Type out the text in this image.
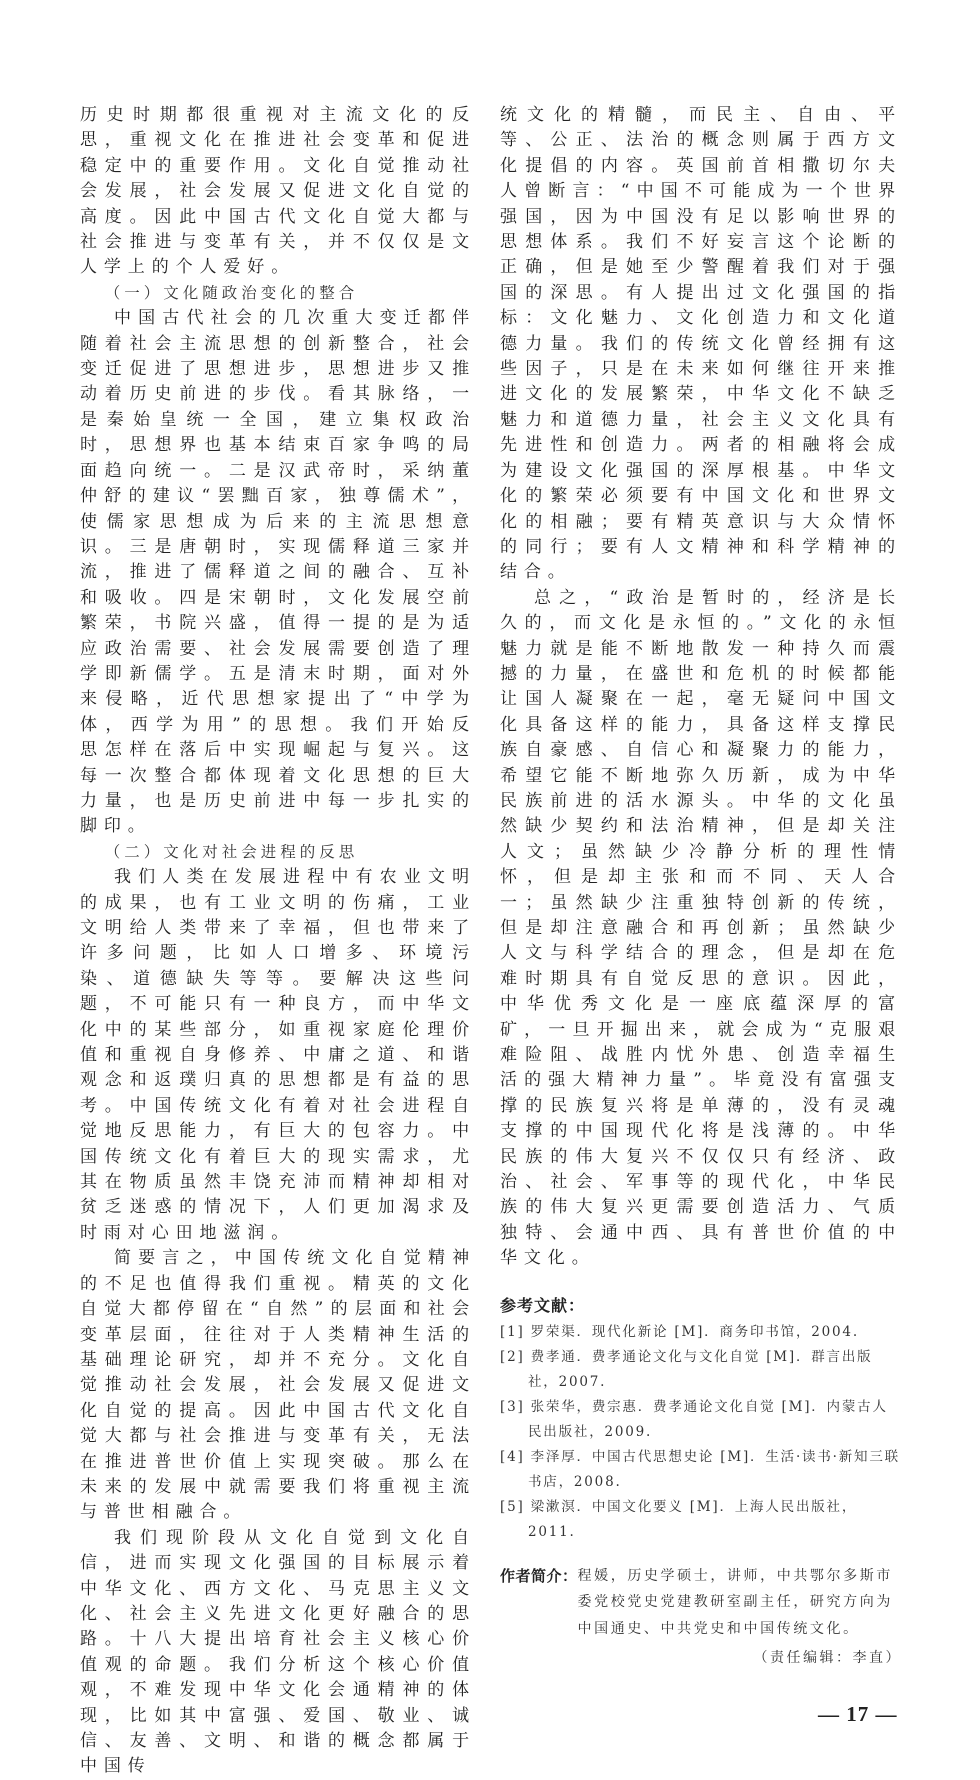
历史时期都很重视对主流文化的反思，重视文化在推进社会变革和促进稳定中的重要作用。文化自觉推动社会发展，社会发展又促进文化自觉的高度。因此中国古代文化自觉大都与社会推进与变革有关，并不仅仅是文人学上的个人爱好。

（一）文化随政治变化的整合

中国古代社会的几次重大变迁都伴随着社会主流思想的创新整合，社会变迁促进了思想进步，思想进步又推动着历史前进的步伐。看其脉络，一是秦始皇统一全国，建立集权政治时，思想界也基本结束百家争鸣的局面趋向统一。二是汉武帝时，采纳董仲舒的建议“罢黜百家，独尊儒术”，使儒家思想成为后来的主流思想意识。三是唐朝时，实现儒释道三家并流，推进了儒释道之间的融合、互补和吸收。四是宋朝时，文化发展空前繁荣，书院兴盛，值得一提的是为适应政治需要、社会发展需要创造了理学即新儒学。五是清末时期，面对外来侵略，近代思想家提出了“中学为体，西学为用”的思想。我们开始反思怎样在落后中实现崛起与复兴。这每一次整合都体现着文化思想的巨大力量，也是历史前进中每一步扎实的脚印。

（二）文化对社会进程的反思

我们人类在发展进程中有农业文明的成果，也有工业文明的伤痛，工业文明给人类带来了幸福，但也带来了许多问题，比如人口增多、环境污染、道德缺失等等。要解决这些问题，不可能只有一种良方，而中华文化中的某些部分，如重视家庭伦理价值和重视自身修养、中庸之道、和谐观念和返璞归真的思想都是有益的思考。中国传统文化有着对社会进程自觉地反思能力，有巨大的包容力。中国传统文化有着巨大的现实需求，尤其在物质虽然丰饶充沛而精神却相对贫乏迷惑的情况下，人们更加渴求及时雨对心田地滋润。

简要言之，中国传统文化自觉精神的不足也值得我们重视。精英的文化自觉大都停留在“自然”的层面和社会变革层面，往往对于人类精神生活的基础理论研究，却并不充分。文化自觉推动社会发展，社会发展又促进文化自觉的提高。因此中国古代文化自觉大都与社会推进与变革有关，无法在推进普世价值上实现突破。那么在未来的发展中就需要我们将重视主流与普世相融合。

我们现阶段从文化自觉到文化自信，进而实现文化强国的目标展示着中华文化、西方文化、马克思主义文化、社会主义先进文化更好融合的思路。十八大提出培育社会主义核心价值观的命题。我们分析这个核心价值观，不难发现中华文化会通精神的体现，比如其中富强、爱国、敬业、诚信、友善、文明、和谐的概念都属于中国传

统文化的精髓，而民主、自由、平等、公正、法治的概念则属于西方文化提倡的内容。英国前首相撒切尔夫人曾断言：“中国不可能成为一个世界强国，因为中国没有足以影响世界的思想体系。我们不好妄言这个论断的正确，但是她至少警醒着我们对于强国的深思。有人提出过文化强国的指标：文化魅力、文化创造力和文化道德力量。我们的传统文化曾经拥有这些因子，只是在未来如何继往开来推进文化的发展繁荣，中华文化不缺乏魅力和道德力量，社会主义文化具有先进性和创造力。两者的相融将会成为建设文化强国的深厚根基。中华文化的繁荣必须要有中国文化和世界文化的相融；要有精英意识与大众情怀的同行；要有人文精神和科学精神的结合。

总之，“政治是暂时的，经济是长久的，而文化是永恒的。”文化的永恒魅力就是能不断地散发一种持久而震撼的力量，在盛世和危机的时候都能让国人凝聚在一起，毫无疑问中国文化具备这样的能力，具备这样支撑民族自豪感、自信心和凝聚力的能力，希望它能不断地弥久历新，成为中华民族前进的活水源头。中华的文化虽然缺少契约和法治精神，但是却关注人文；虽然缺少冷静分析的理性情怀，但是却主张和而不同、天人合一；虽然缺少注重独特创新的传统，但是却注意融合和再创新；虽然缺少人文与科学结合的理念，但是却在危难时期具有自觉反思的意识。因此，中华优秀文化是一座底蕴深厚的富矿，一旦开掘出来，就会成为“克服艰难险阻、战胜内忧外患、创造幸福生活的强大精神力量”。毕竟没有富强支撑的民族复兴将是单薄的，没有灵魂支撑的中国现代化将是浅薄的。中华民族的伟大复兴不仅仅只有经济、政治、社会、军事等的现代化，中华民族的伟大复兴更需要创造活力、气质独特、会通中西、具有普世价值的中华文化。

参考文献：
[1] 罗荣渠．现代化新论 [M]．商务印书馆，2004.
[2] 费孝通．费孝通论文化与文化自觉 [M]．群言出版社，2007.
[3] 张荣华，费宗惠．费孝通论文化自觉 [M]．内蒙古人民出版社，2009.
[4] 李泽厚．中国古代思想史论 [M]．生活·读书·新知三联书店，2008.
[5] 梁漱溟．中国文化要义 [M]．上海人民出版社，2011.
作者简介： 程媛，历史学硕士，讲师，中共鄂尔多斯市委党校党史党建教研室副主任，研究方向为中国通史、中共党史和中国传统文化。
（责任编辑：李直）
— 17 —
